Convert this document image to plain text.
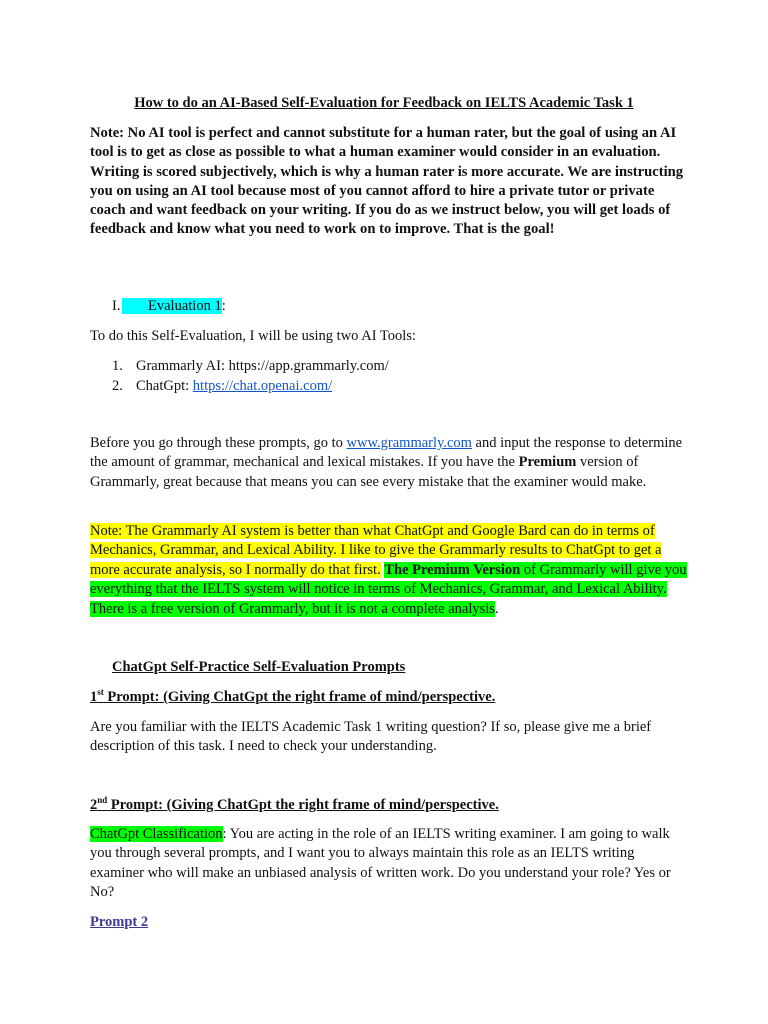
How to do an AI-Based Self-Evaluation for Feedback on IELTS Academic Task 1

Note: No AI tool is perfect and cannot substitute for a human rater, but the goal of using an AI tool is to get as close as possible to what a human examiner would consider in an evaluation. Writing is scored subjectively, which is why a human rater is more accurate. We are instructing you on using an AI tool because most of you cannot afford to hire a private tutor or private coach and want feedback on your writing. If you do as we instruct below, you will get loads of feedback and know what you need to work on to improve. That is the goal!

I. Evaluation 1:
To do this Self-Evaluation, I will be using two AI Tools:
1. Grammarly AI: https://app.grammarly.com/
2. ChatGpt: https://chat.openai.com/

Before you go through these prompts, go to www.grammarly.com and input the response to determine the amount of grammar, mechanical and lexical mistakes. If you have the Premium version of Grammarly, great because that means you can see every mistake that the examiner would make.

Note: The Grammarly AI system is better than what ChatGpt and Google Bard can do in terms of Mechanics, Grammar, and Lexical Ability. I like to give the Grammarly results to ChatGpt to get a more accurate analysis, so I normally do that first. The Premium Version of Grammarly will give you everything that the IELTS system will notice in terms of Mechanics, Grammar, and Lexical Ability. There is a free version of Grammarly, but it is not a complete analysis.

ChatGpt Self-Practice Self-Evaluation Prompts
1st Prompt: (Giving ChatGpt the right frame of mind/perspective.

Are you familiar with the IELTS Academic Task 1 writing question? If so, please give me a brief description of this task. I need to check your understanding.

2nd Prompt: (Giving ChatGpt the right frame of mind/perspective.

ChatGpt Classification: You are acting in the role of an IELTS writing examiner. I am going to walk you through several prompts, and I want you to always maintain this role as an IELTS writing examiner who will make an unbiased analysis of written work. Do you understand your role? Yes or No?

Prompt 2
